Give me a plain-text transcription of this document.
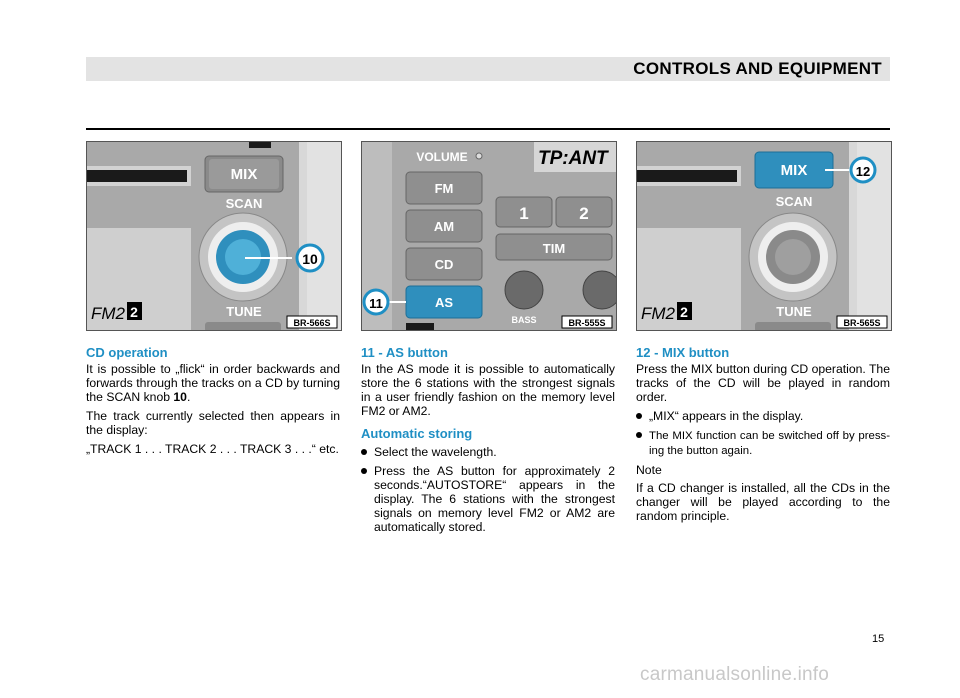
CONTROLS AND EQUIPMENT
MIX
SCAN
10
FM2 2	TUNE
BR-566S
VOLUME	TP:ANT
FM
AM
CD
AS
11
1	2
TIM
BASS	BR-555S
MIX	12
SCAN
FM2 2	TUNE
BR-565S
CD operation

It is possible to „flick“ in order backwards and forwards through the tracks on a CD by turning the SCAN knob 10.

The track currently selected then appears in the display:

„TRACK 1 . . . TRACK 2 . . . TRACK 3 . . .“ etc.

11 - AS button

In the AS mode it is possible to automatically store the 6 stations with the strongest signals in a user friendly fashion on the memory level FM2 or AM2.

Automatic storing
Select the wavelength.
Press the AS button for approximately 2 seconds.“AUTOSTORE“ appears in the display. The 6 stations with the strongest signals on memory level FM2 or AM2 are automatically stored.
12 - MIX button

Press the MIX button during CD operation. The tracks of the CD will be played in random order.

„MIX“ appears in the display.
The MIX function can be switched off by press-ing the button again.

Note

If a CD changer is installed, all the CDs in the changer will be played according to the random principle.

15
carmanualsonline.info
